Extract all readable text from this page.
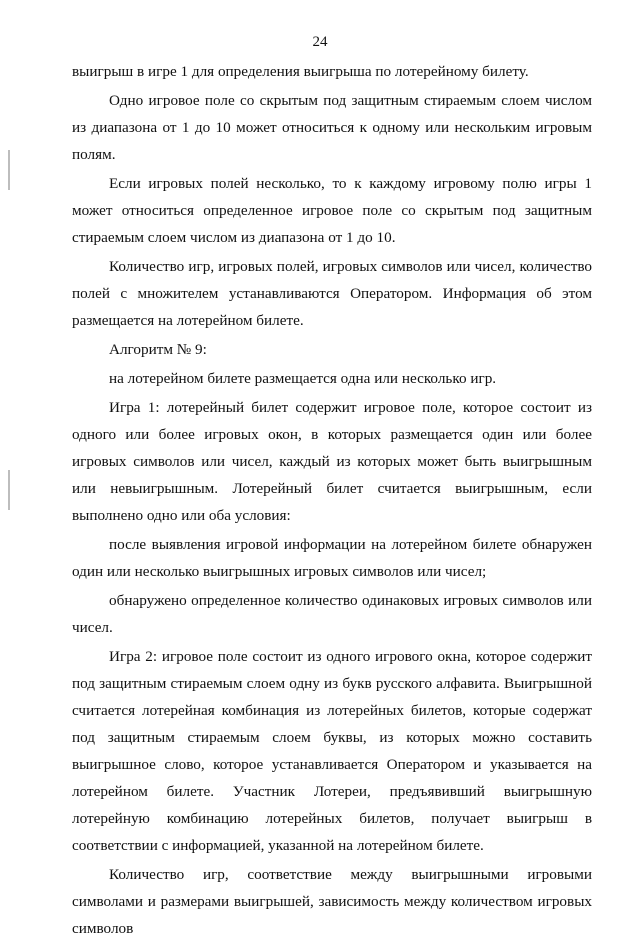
24

выигрыш в игре 1 для определения выигрыша по лотерейному билету.

Одно игровое поле со скрытым под защитным стираемым слоем числом из диапазона от 1 до 10 может относиться к одному или нескольким игровым полям.

Если игровых полей несколько, то к каждому игровому полю игры 1 может относиться определенное игровое поле со скрытым под защитным стираемым слоем числом из диапазона от 1 до 10.

Количество игр, игровых полей, игровых символов или чисел, количество полей с множителем устанавливаются Оператором. Информация об этом размещается на лотерейном билете.

Алгоритм № 9:

на лотерейном билете размещается одна или несколько игр.

Игра 1: лотерейный билет содержит игровое поле, которое состоит из одного или более игровых окон, в которых размещается один или более игровых символов или чисел, каждый из которых может быть выигрышным или невыигрышным. Лотерейный билет считается выигрышным, если выполнено одно или оба условия:

после выявления игровой информации на лотерейном билете обнаружен один или несколько выигрышных игровых символов или чисел;

обнаружено определенное количество одинаковых игровых символов или чисел.

Игра 2: игровое поле состоит из одного игрового окна, которое содержит под защитным стираемым слоем одну из букв русского алфавита. Выигрышной считается лотерейная комбинация из лотерейных билетов, которые содержат под защитным стираемым слоем буквы, из которых можно составить выигрышное слово, которое устанавливается Оператором и указывается на лотерейном билете. Участник Лотереи, предъявивший выигрышную лотерейную комбинацию лотерейных билетов, получает выигрыш в соответствии с информацией, указанной на лотерейном билете.

Количество игр, соответствие между выигрышными игровыми символами и размерами выигрышей, зависимость между количеством игровых символов
